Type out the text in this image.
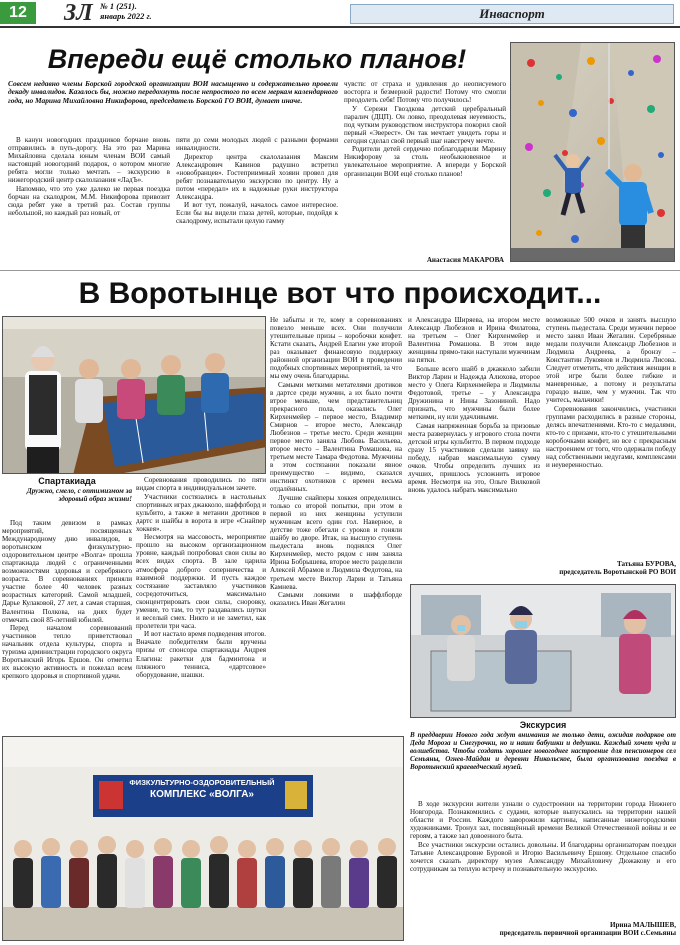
12	ЗЛ № 1 (251).
январь 2022 г.	Инваспорт
Впереди ещё столько планов!

Совсем недавно члены Борской городской организации ВОИ насыщенно и содержательно провели декаду инвалидов. Казалось бы, можно передохнуть после непростого по всем меркам календарного года, но Марина Михайловна Никифорова, председатель Борской ГО ВОИ, думает иначе.

В канун новогодних праздников борчане вновь отправились в путь-дорогу. На это раз Марина Михайловна сделала юным членам ВОИ самый настоящий новогодний подарок, о котором многие ребята могли только мечтать – экскурсию в нижегородский центр скалолазания «ЛадЪ».

Напомню, что это уже далеко не первая поездка борчан на скалодром, М.М. Никифорова привозит сюда ребят уже в третий раз. Состав группы небольшой, но каждый раз новый, от

пяти до семи молодых людей с разными формами инвалидности.

Директор центра скалолазания Максим Александрович Кавинов радушно встретил «новобранцев». Гостеприимный хозяин провел для ребят познавательную экскурсию по центру. Ну а потом «передал» их в надежные руки инструктора Александра.

И вот тут, пожалуй, началось самое интересное. Если бы вы видели глаза детей, которые, подойдя к скалодрому, испытали целую гамму

чувств: от страха и удивления до неописуемого восторга и безмерной радости! Потому что смогли преодолеть себя! Потому что получилось!

У Сережи Гвоздкова детский церебральный паралич (ДЦП). Он ловко, преодолевая неуемность, под чутким руководством инструктора покорил свой первый «Эверест». Он так мечтает увидеть горы и сегодня сделал свой первый шаг навстречу мечте.

Родители детей сердечно поблагодарили Марину Никифорову за столь необыкновенное и увлекательное мероприятие. А впереди у Борской организации ВОИ ещё столько планов!

Анастасия МАКАРОВА
В Воротынце вот что происходит...
Спартакиада

Дружно, смело, с оптимизмом за здоровый образ жизни!

Под таким девизом в рамках мероприятий, посвященных Международному дню инвалидов, в воротынском физкультурно-оздоровительном центре «Волга» прошла спартакиада людей с ограниченными возможностями здоровья и серебряного возраста. В соревнованиях приняли участие более 40 человек разных возрастных категорий. Самой младшей, Дарье Кулаковой, 27 лет, а самая старшая, Валентина Полкова, на днях будет отмечать свой 85-летний юбилей.

Перед началом соревнований участников тепло приветствовал начальник отдела культуры, спорта и туризма администрации городского округа Воротынский Игорь Ершов. Он отметил их высокую активность и пожелал всем крепкого здоровья и спортивной удачи.

Соревнования проводились по пяти видам спорта в индивидуальном зачете.

Участники состязались в настольных спортивных играх джакколо, шаффлборд и кульбито, а также в метании дротиков в дартс и шайбы в ворота в игре «Снайпер хоккея».

Несмотря на массовость, мероприятие прошло на высоком организационном уровне, каждый попробовал свои силы во всех видах спорта. В зале царила атмосфера доброго соперничества и взаимной поддержки. И пусть каждое состязание заставляло участников сосредоточиться, максимально сконцентрировать свои силы, сноровку, умение, то там, то тут раздавались шутки и веселый смех. Никто и не заметил, как пролетели три часа.

И вот настало время подведения итогов. Вначале победителям были вручены призы от спонсора спартакиады Андрея Елагина: ракетки для бадминтона и пляжного тенниса, «дартсовое» оборудование, шашки.

Не забыты и те, кому в соревнованиях повезло меньше всех. Они получили утешительные призы – коробочки конфет. Кстати сказать, Андрей Елагин уже второй раз оказывает финансовую поддержку районной организации ВОИ в проведении подобных спортивных мероприятий, за что мы ему очень благодарны.

Самыми меткими метателями дротиков в дартсе среди мужчин, а их было почти втрое меньше, чем представительниц прекрасного пола, оказались Олег Кирхенмейер – первое место, Владимир Смирнов – второе место, Александр Любезнов – третье место. Среди женщин первое место заняла Любовь Васильева, второе место – Валентина Ромашова, на третьем месте Тамара Федотова. Мужчины в этом состязании показали явное преимущество – видимо, сказался инстинкт охотников с времен весьма отдалённых.

Лучшие снайперы хоккея определились только со второй попытки, при этом в первой из них женщины уступили мужчинам всего один гол. Наверное, в детстве тоже обегали с уроков и гоняли шайбу во дворе. Итак, на высшую ступень пьедестала вновь поднялся Олег Кирхенмейер, место рядом с ним заняла Ирина Бобрышева, второе место разделили Алексей Абрамов и Людмила Федотова, на третьем месте Виктор Ларин и Татьяна Камнева.

Самыми ловкими в шаффлборде оказались Иван Жегалин

и Александра Ширяева, на втором месте Александр Любезнов и Ирина Филатова, на третьем – Олег Кирхенмейер и Валентина Ромашова. В этом виде женщины прямо-таки наступали мужчинам на пятки.

Больше всего шайб в джакколо забили Виктор Ларин и Надежда Алюхова, второе место у Олега Кирхенмейера и Людмилы Федотовой, третье – у Александра Дружинина и Нины Зазониной. Надо признать, что мужчины были более меткими, ну или удачливыми.

Самая напряженная борьба за призовые места развернулась у игрового стола почти детской игры кульбитто. В первом подходе сразу 15 участников сделали заявку на победу, набрав максимальную сумму очков. Чтобы определить лучших из лучших, пришлось усложнить игровое время. Несмотря на это, Ольге Вилковой вновь удалось набрать максимально

возможные 500 очков и занять высшую ступень пьедестала. Среди мужчин первое место занял Иван Жегалин. Серебряные медали получили Александр Любезнов и Людмила Андреева, а бронзу – Константин Лукоянов и Людмила Лисова. Следует отметить, что действия женщин в этой игре были более гибкие и маневренные, а потому и результаты гораздо выше, чем у мужчин. Так что учитесь, мальчики!

Соревнования закончились, участники группами расходились в разные стороны, делясь впечатлениями. Кто-то с медалями, кто-то с призами, кто-то с утешительными коробочками конфет, но все с прекрасным настроением от того, что одержали победу над собственными недугами, комплексами и неуверенностью.

Татьяна БУРОВА,
председатель Воротынской РО ВОИ
Экскурсия

В преддверии Нового года ждут внимания не только дети, ожидая подарков от Деда Мороза и Снегурочки, но и наши бабушки и дедушки. Каждый хочет чуда и волшебства. Чтобы создать хорошее новогоднее настроение для пенсионеров сел Семьяны, Огнев-Майдан и деревни Никольское, была организована поездка в Воротынский краеведческий музей.

В ходе экскурсии жители узнали о судостроении на территории города Нижнего Новгорода. Познакомились с судами, которые выпускались на территории нашей области и России. Каждого заворожили картины, написанные нижегородскими художниками. Тронул зал, посвящённый времени Великой Отечественной войны и ее героям, а также зал довоенного быта.

Все участники экскурсии остались довольны. И благодарны организаторам поездки Татьяне Александровне Буровой и Игорю Васильевичу Ершову. Отдельное спасибо хочется сказать директору музея Александру Михайловичу Дюжакову и его сотрудникам за теплую встречу и познавательную экскурсию.

Ирина МАЛЫШЕВ,
председатель первичной организации ВОИ с.Семьяны
ФИЗКУЛЬТУРНО-ОЗДОРОВИТЕЛЬНЫЙ
КОМПЛЕКС «ВОЛГА»
